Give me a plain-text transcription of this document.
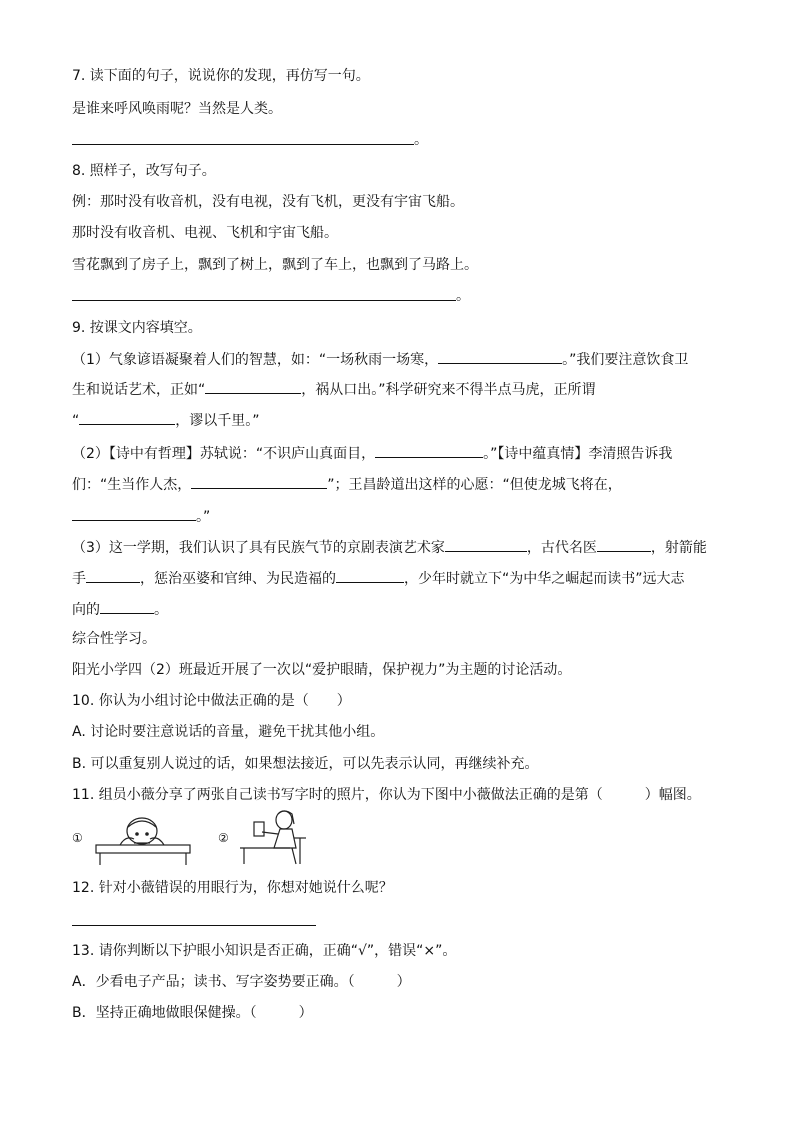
7. 读下面的句子，说说你的发现，再仿写一句。
是谁来呼风唤雨呢？当然是人类。
。
8. 照样子，改写句子。
例：那时没有收音机，没有电视，没有飞机，更没有宇宙飞船。
那时没有收音机、电视、飞机和宇宙飞船。
雪花飘到了房子上，飘到了树上，飘到了车上，也飘到了马路上。
。
9. 按课文内容填空。
（1）气象谚语凝聚着人们的智慧，如：“一场秋雨一场寒，	。”我们要注意饮食卫
生和说话艺术，正如“	，祸从口出。”科学研究来不得半点马虎，正所谓
“	，谬以千里。”
（2）【诗中有哲理】苏轼说：“不识庐山真面目，	。”【诗中蕴真情】李清照告诉我
们：“生当作人杰，	”；王昌龄道出这样的心愿：“但使龙城飞将在，
。”
（3）这一学期，我们认识了具有民族气节的京剧表演艺术家	，古代名医	，射箭能
手	，惩治巫婆和官绅、为民造福的	，少年时就立下“为中华之崛起而读书”远大志
向的	。
综合性学习。
阳光小学四（2）班最近开展了一次以“爱护眼睛，保护视力”为主题的讨论活动。
10. 你认为小组讨论中做法正确的是（　　）
A. 讨论时要注意说话的音量，避免干扰其他小组。
B. 可以重复别人说过的话，如果想法接近，可以先表示认同，再继续补充。
11. 组员小薇分享了两张自己读书写字时的照片，你认为下图中小薇做法正确的是第（　　　）幅图。
①	②
12. 针对小薇错误的用眼行为，你想对她说什么呢？
13. 请你判断以下护眼小知识是否正确，正确“√”，错误“×”。
A．少看电子产品；读书、写字姿势要正确。（　　　）
B．坚持正确地做眼保健操。（　　　）
